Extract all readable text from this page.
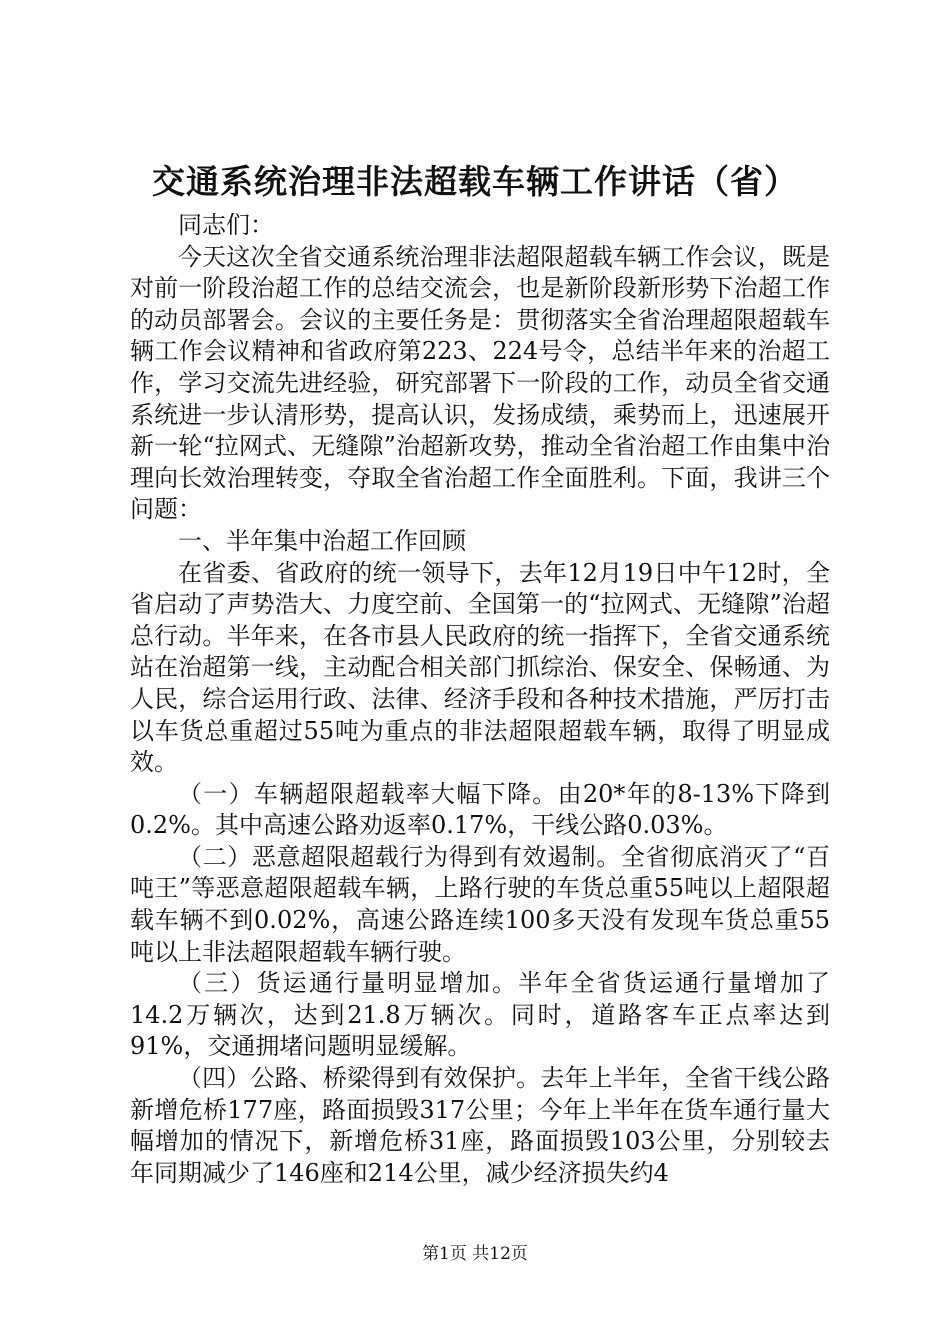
交通系统治理非法超载车辆工作讲话（省）

同志们：

今天这次全省交通系统治理非法超限超载车辆工作会议，既是对前一阶段治超工作的总结交流会，也是新阶段新形势下治超工作的动员部署会。会议的主要任务是：贯彻落实全省治理超限超载车辆工作会议精神和省政府第223、224号令，总结半年来的治超工作，学习交流先进经验，研究部署下一阶段的工作，动员全省交通系统进一步认清形势，提高认识，发扬成绩，乘势而上，迅速展开新一轮“拉网式、无缝隙”治超新攻势，推动全省治超工作由集中治理向长效治理转变，夺取全省治超工作全面胜利。下面，我讲三个问题：

一、半年集中治超工作回顾

在省委、省政府的统一领导下，去年12月19日中午12时，全省启动了声势浩大、力度空前、全国第一的“拉网式、无缝隙”治超总行动。半年来，在各市县人民政府的统一指挥下，全省交通系统站在治超第一线，主动配合相关部门抓综治、保安全、保畅通、为人民，综合运用行政、法律、经济手段和各种技术措施，严厉打击以车货总重超过55吨为重点的非法超限超载车辆，取得了明显成效。

（一）车辆超限超载率大幅下降。由20*年的8-13%下降到0.2%。其中高速公路劝返率0.17%，干线公路0.03%。

（二）恶意超限超载行为得到有效遏制。全省彻底消灭了“百吨王”等恶意超限超载车辆，上路行驶的车货总重55吨以上超限超载车辆不到0.02%，高速公路连续100多天没有发现车货总重55吨以上非法超限超载车辆行驶。

（三）货运通行量明显增加。半年全省货运通行量增加了14.2万辆次，达到21.8万辆次。同时，道路客车正点率达到91%，交通拥堵问题明显缓解。

（四）公路、桥梁得到有效保护。去年上半年，全省干线公路新增危桥177座，路面损毁317公里；今年上半年在货车通行量大幅增加的情况下，新增危桥31座，路面损毁103公里，分别较去年同期减少了146座和214公里，减少经济损失约4

第1页 共12页
